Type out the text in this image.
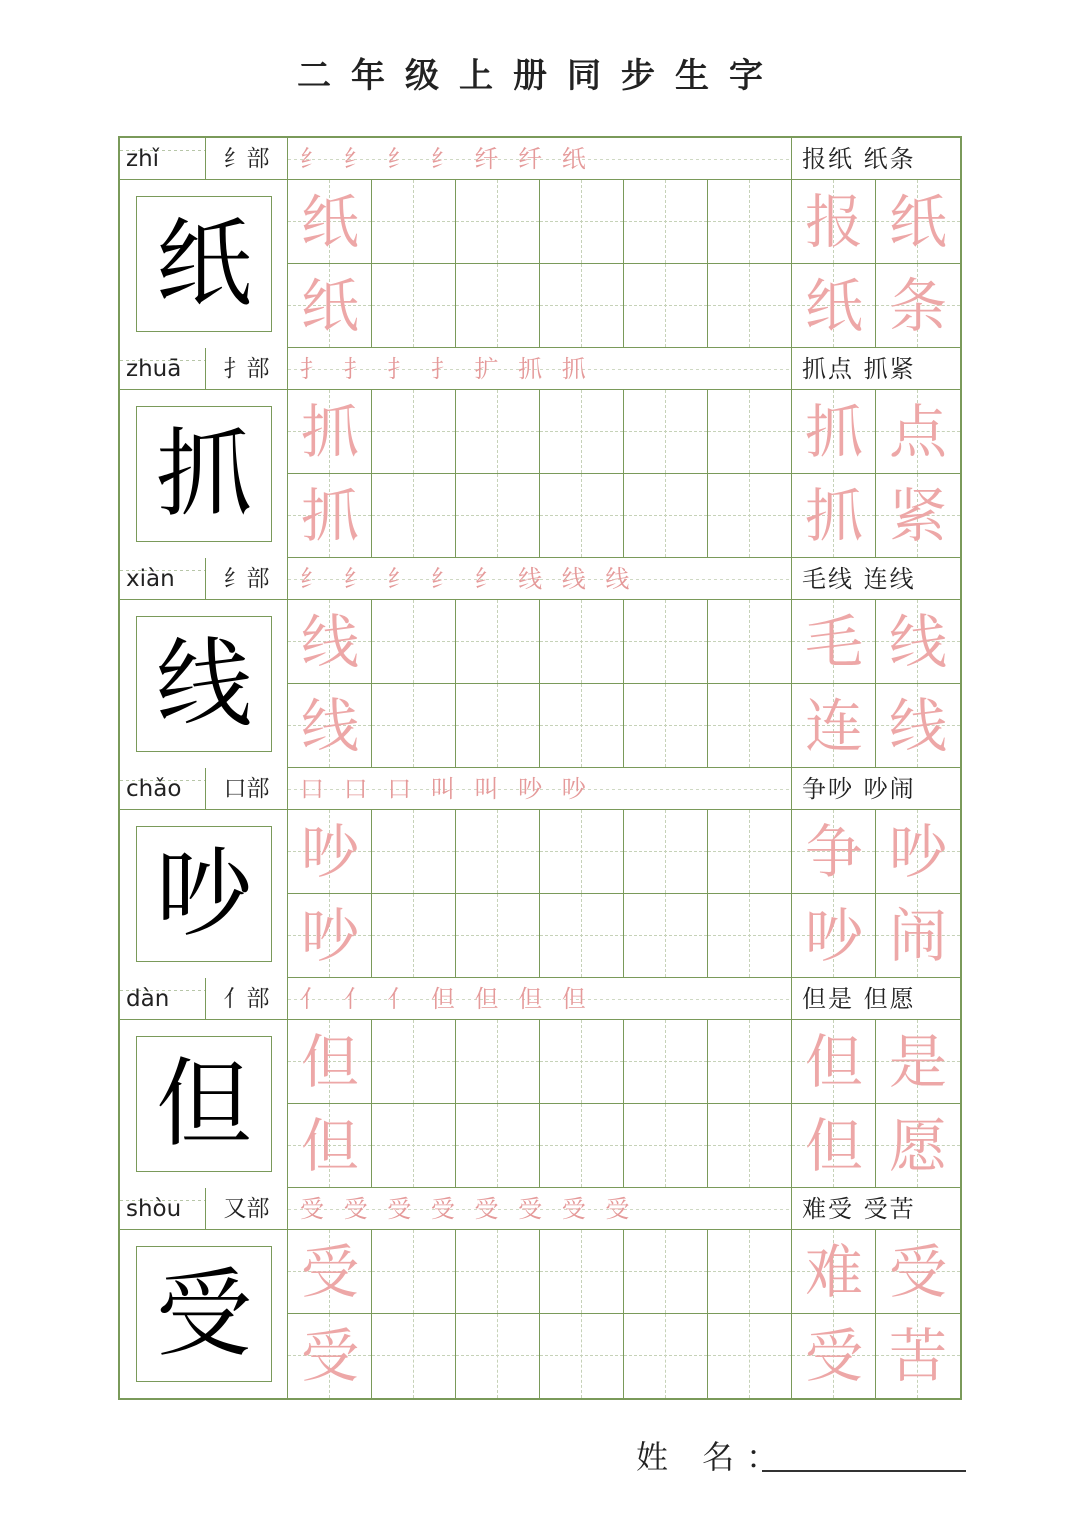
二年级上册同步生字
zhǐ	纟部	纟 纟 纟 纟 纤 纤 纸	报纸 纸条
纸 纸	报 纸
纸	纸 条
zhuā	扌部	扌 扌 扌 扌 扩 抓 抓	抓点 抓紧
抓 抓	抓 点
抓	抓 紧
xiàn	纟部	纟 纟 纟 纟 纟 线 线 线	毛线 连线
线 线	毛 线
线	连 线
chǎo	口部	口 口 口 叫 叫 吵 吵	争吵 吵闹
吵 吵	争 吵
吵	吵 闹
dàn	亻部	亻 亻 亻 但 但 但 但	但是 但愿
但 但	但 是
但	但 愿
shòu	又部	受 受 受 受 受 受 受 受	难受 受苦
受 受	难 受
受	受 苦
姓 名：
